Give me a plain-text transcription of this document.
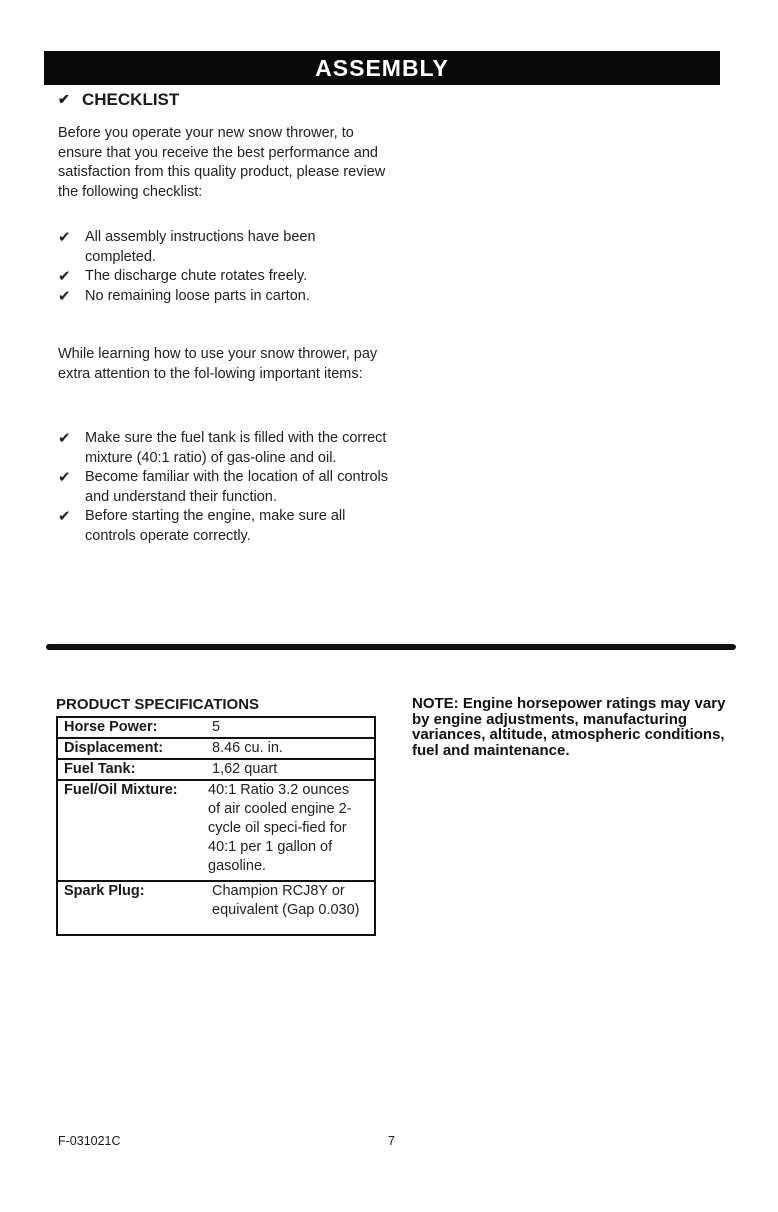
ASSEMBLY
✔ CHECKLIST
Before you operate your new snow thrower, to ensure that you receive the best performance and satisfaction from this quality product, please review the following checklist:
✔ All assembly instructions have been completed.
✔ The discharge chute rotates freely.
✔ No remaining loose parts in carton.
While learning how to use your snow thrower, pay extra attention to the fol-lowing important items:
✔ Make sure the fuel tank is filled with the correct mixture (40:1 ratio) of gas-oline and oil.
✔ Become familiar with the location of all controls and understand their function.
✔ Before starting the engine, make sure all controls operate correctly.
PRODUCT SPECIFICATIONS
Horse Power:	5
Displacement:	8.46 cu. in.
Fuel Tank:	1,62 quart
Fuel/Oil Mixture:	40:1 Ratio 3.2 ounces of air cooled engine 2-cycle oil speci-fied for 40:1 per 1 gallon of gasoline.
Spark Plug:	Champion RCJ8Y or equivalent (Gap 0.030)
NOTE: Engine horsepower ratings may vary by engine adjustments, manufacturing variances, altitude, atmospheric conditions, fuel and maintenance.
F-031021C	7
